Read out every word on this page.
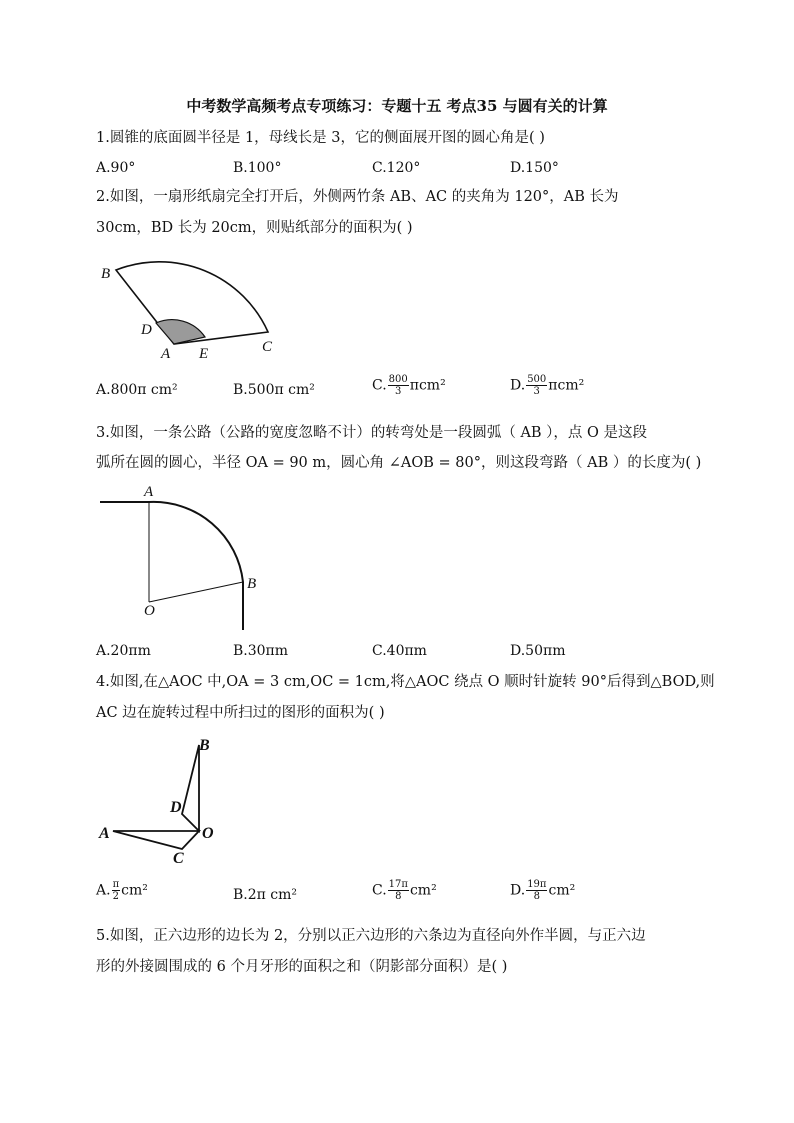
中考数学高频考点专项练习：专题十五 考点35 与圆有关的计算
1.圆锥的底面圆半径是 1，母线长是 3，它的侧面展开图的圆心角是( )
A.90°	B.100°	C.120°	D.150°
2.如图，一扇形纸扇完全打开后，外侧两竹条 AB、AC 的夹角为 120°，AB 长为
30cm，BD 长为 20cm，则贴纸部分的面积为( )
B
D
A E	C
A.800π cm²	B.500π cm²	C. $\frac{800}{3} \pi cm^2$	D. $\frac{500}{3} \pi cm^2$
3.如图，一条公路（公路的宽度忽略不计）的转弯处是一段圆弧（ AB ），点 O 是这段
弧所在圆的圆心，半径 OA = 90 m，圆心角 ∠AOB = 80°，则这段弯路（ AB ）的长度为( )
A
B
O
A.20πm	B.30πm	C.40πm	D.50πm
4.如图,在△AOC 中,OA = 3 cm,OC = 1cm,将△AOC 绕点 O 顺时针旋转 90°后得到△BOD,则
AC 边在旋转过程中所扫过的图形的面积为( )
B
D
A	O
C
A. $\frac{\pi}{2} cm^2$	B.2π cm²	C. $\frac{17\pi}{8} cm^2$	D. $\frac{19\pi}{8} cm^2$
5.如图，正六边形的边长为 2，分别以正六边形的六条边为直径向外作半圆，与正六边
形的外接圆围成的 6 个月牙形的面积之和（阴影部分面积）是( )
